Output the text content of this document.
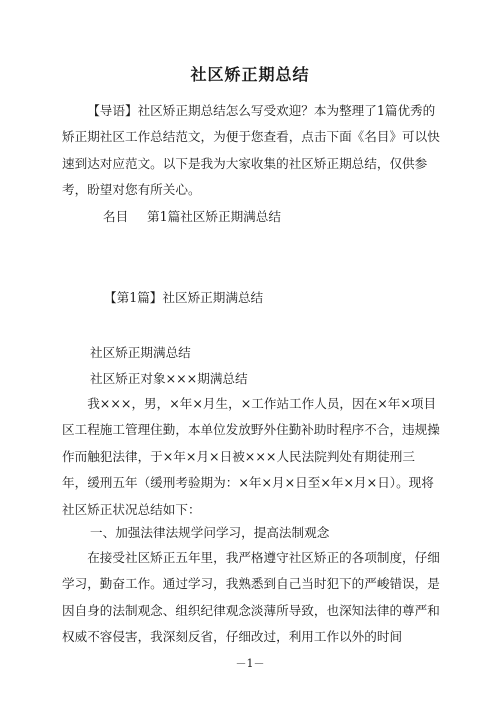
社区矫正期总结
【导语】社区矫正期总结怎么写受欢迎？本为整理了1篇优秀的矫正期社区工作总结范文，为便于您查看，点击下面《名目》可以快速到达对应范文。以下是我为大家收集的社区矫正期总结，仅供参考，盼望对您有所关心。
名目 第1篇社区矫正期满总结
【第1篇】社区矫正期满总结
社区矫正期满总结
社区矫正对象×××期满总结
我×××，男，×年×月生，×工作站工作人员，因在×年×项目区工程施工管理住勤，本单位发放野外住勤补助时程序不合，违规操作而触犯法律，于×年×月×日被×××人民法院判处有期徒刑三年，缓刑五年（缓刑考验期为：×年×月×日至×年×月×日）。现将社区矫正状况总结如下：
一、加强法律法规学问学习，提高法制观念
在接受社区矫正五年里，我严格遵守社区矫正的各项制度，仔细学习，勤奋工作。通过学习，我熟悉到自己当时犯下的严峻错误，是因自身的法制观念、组织纪律观念淡薄所导致，也深知法律的尊严和权威不容侵害，我深刻反省，仔细改过，利用工作以外的时间
－1－
